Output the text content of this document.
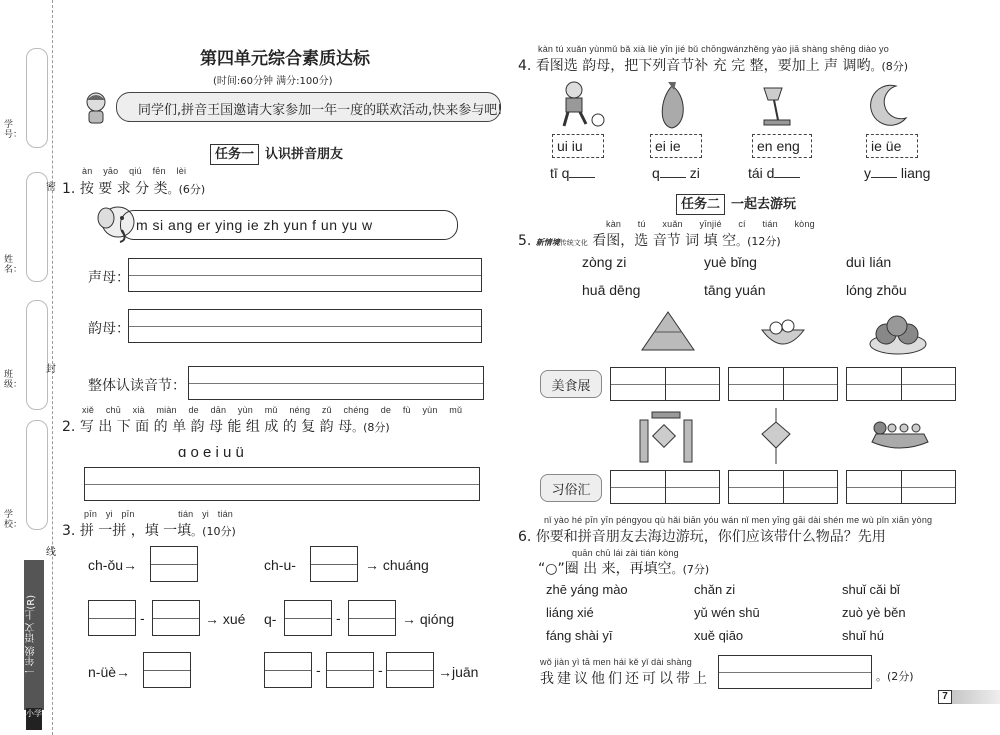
学号：
姓名：
班级：
学校：
密
封
线
一年级 语文 上(R)
小学
第四单元综合素质达标
(时间:60分钟 满分:100分)
同学们,拼音王国邀请大家参加一年一度的联欢活动,快来参与吧!
任务一 认识拼音朋友
àn yāo qiú fēn lèi
1. 按 要 求 分 类。(6分)
m si ang er ying ie zh yun f un yu w
声母：
韵母：
整体认读音节：
xiě chū xià miàn de dān yùn mǔ néng zǔ chéng de fù yùn mǔ
2. 写 出 下 面 的 单 韵 母 能 组 成 的 复 韵 母。(8分)
ɑ o e i u ü
pīn yi pīn	tián yi tián
3. 拼 一拼 ，填 一填。(10分)
ch-ǒu→	ch-u-	→ chuáng
-	→ xué q-	-	→ qióng
n-üè→	-	-	→juān
kàn tú xuǎn yùnmǔ bǎ xià liè yīn jié bǔ chōngwánzhěng yào jiā shàng shēng diào yo
4. 看图选 韵母，把下列音节补 充 完 整，要加上 声 调哟。(8分)
ui iu	ei ie	en eng	ie üe
tī q	q zi	tái d	y liang
任务二 一起去游玩
kàn tú xuǎn yīnjié cí tián kòng
5. 新情境传统文化 看图，选 音节 词 填 空。(12分)
zòng zi	yuè bǐng	duì lián
huā dēng	tāng yuán	lóng zhōu
美食展
习俗汇
nǐ yào hé pīn yīn péngyou qù hǎi biān yóu wán nǐ men yīng gāi dài shén me wù pǐn xiān yòng
6. 你要和拼音朋友去海边游玩，你们应该带什么物品？先用
quān chū lái zài tián kòng
“○”圈 出 来，再填空。(7分)
zhē yáng mào	chǎn zi	shuǐ cǎi bǐ
liáng xié	yǔ wén shū	zuò yè běn
fáng shài yī	xuě qiāo	shuǐ hú
wǒ jiàn yì tā men hái kě yǐ dài shàng
我建议他们还可以带上	。(2分)
7
